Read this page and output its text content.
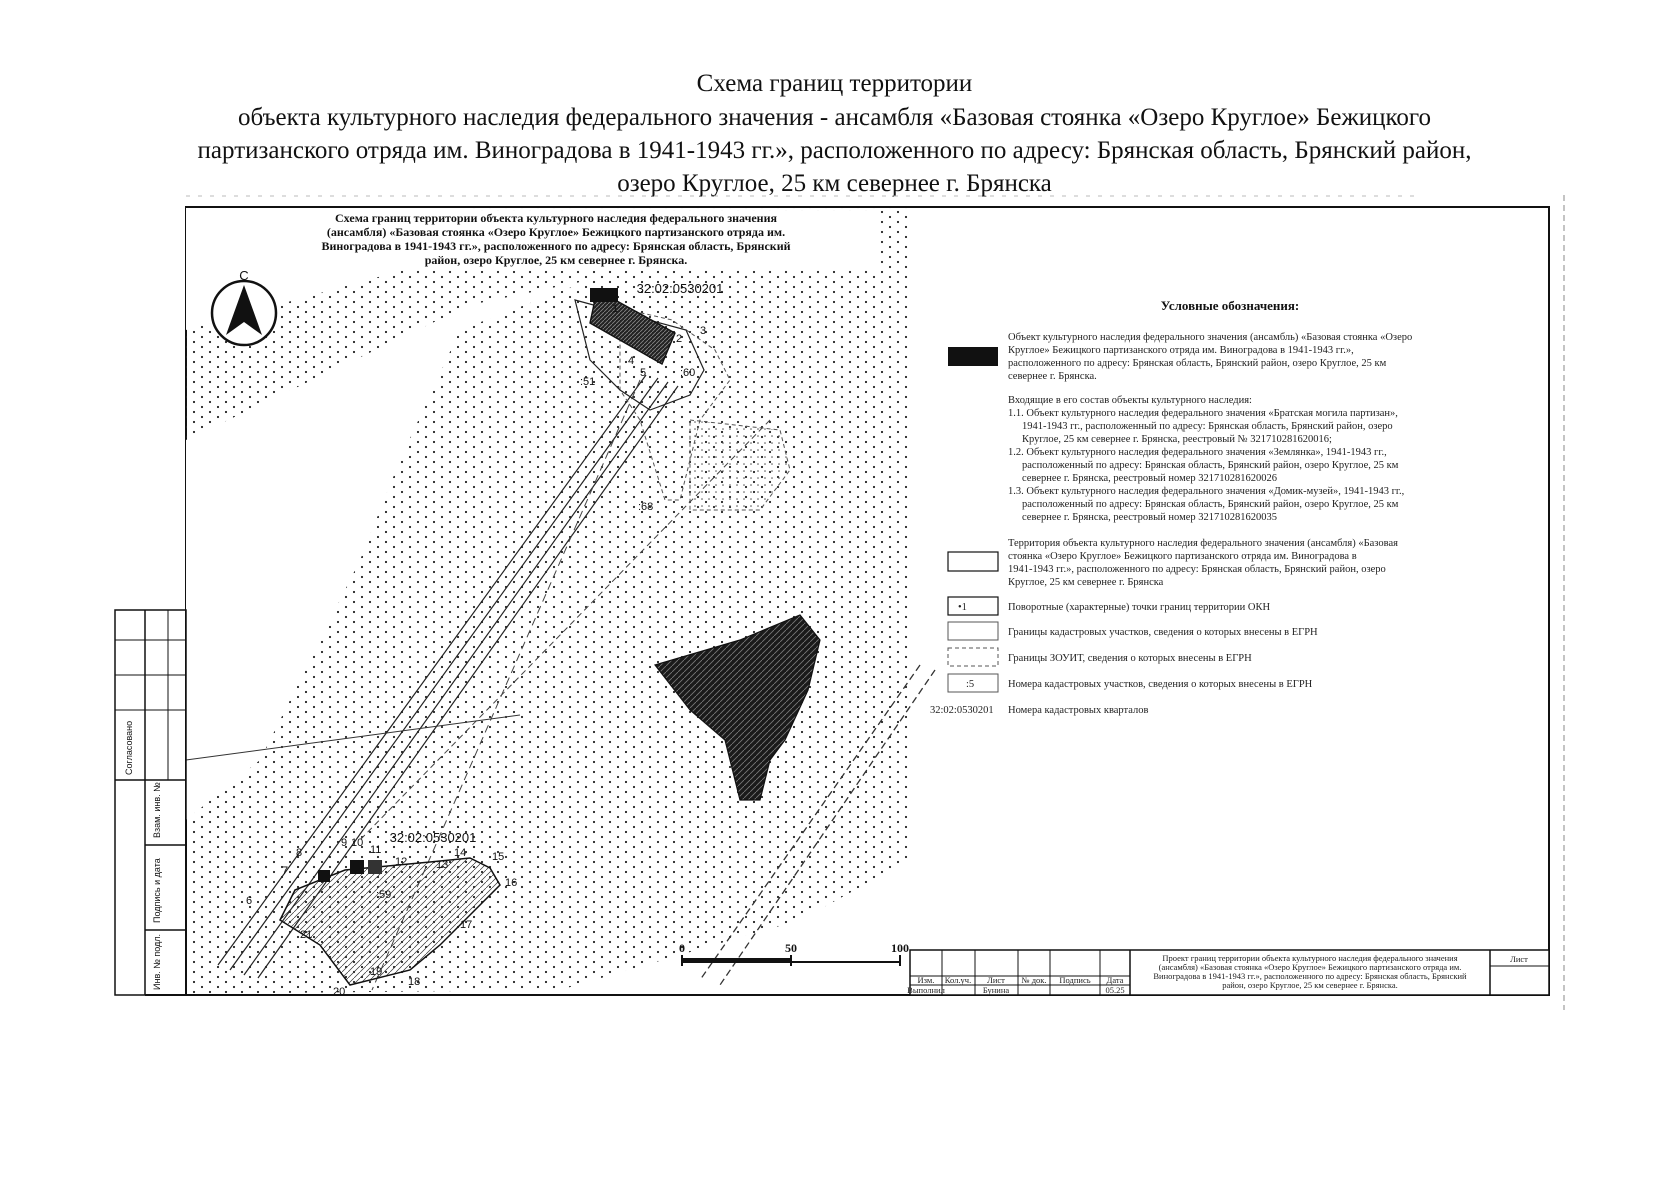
Схема границ территории
объекта культурного наследия федерального значения - ансамбля «Базовая стоянка «Озеро Круглое» Бежицкого
партизанского отряда им. Виноградова в 1941-1943 гг.», расположенного по адресу: Брянская область, Брянский район,
озеро Круглое, 25 км севернее г. Брянска
Схема границ территории объекта культурного наследия федерального значения
(ансамбля) «Базовая стоянка «Озеро Круглое» Бежицкого партизанского отряда им.
Виноградова в 1941-1943 гг.», расположенного по адресу: Брянская область, Брянский
район, озеро Круглое, 25 км севернее г. Брянска.
С
32:02:0530201
32:02:0530201
:51
:60
:68
:59
1
2
3
4
5
6
7
8
9 10
11
12	13
14 15
16
17
18
19
20
21
0	50	100
Условные обозначения:
Объект культурного наследия федерального значения (ансамбль) «Базовая стоянка «Озеро
Круглое» Бежицкого партизанского отряда им. Виноградова в 1941-1943 гг.»,
расположенного по адресу: Брянская область, Брянский район, озеро Круглое, 25 км
севернее г. Брянска.
Входящие в его состав объекты культурного наследия:
1.1. Объект культурного наследия федерального значения «Братская могила партизан»,
1941-1943 гг., расположенный по адресу: Брянская область, Брянский район, озеро
Круглое, 25 км севернее г. Брянска, реестровый № 321710281620016;
1.2. Объект культурного наследия федерального значения «Землянка», 1941-1943 гг.,
расположенный по адресу: Брянская область, Брянский район, озеро Круглое, 25 км
севернее г. Брянска, реестровый номер 321710281620026
1.3. Объект культурного наследия федерального значения «Домик-музей», 1941-1943 гг.,
расположенный по адресу: Брянская область, Брянский район, озеро Круглое, 25 км
севернее г. Брянска, реестровый номер 321710281620035
Территория объекта культурного наследия федерального значения (ансамбля) «Базовая
стоянка «Озеро Круглое» Бежицкого партизанского отряда им. Виноградова в
1941-1943 гг.», расположенного по адресу: Брянская область, Брянский район, озеро
Круглое, 25 км севернее г. Брянска
•1	Поворотные (характерные) точки границ территории ОКН
Границы кадастровых участков, сведения о которых внесены в ЕГРН
Границы ЗОУИТ, сведения о которых внесены в ЕГРН
:5	Номера кадастровых участков, сведения о которых внесены в ЕГРН
32:02:0530201 Номера кадастровых кварталов
Согласовано
Взам. инв. №
Подпись и дата
Инв. № подл.	Изм. Кол.уч. Лист № док. Подпись Дата
Выполнил	Бунина	05.25
Проект границ территории объекта культурного наследия федерального значения
(ансамбля) «Базовая стоянка «Озеро Круглое» Бежицкого партизанского отряда им.
Виноградова в 1941-1943 гг.», расположенного по адресу: Брянская область, Брянский
район, озеро Круглое, 25 км севернее г. Брянска.
Лист
